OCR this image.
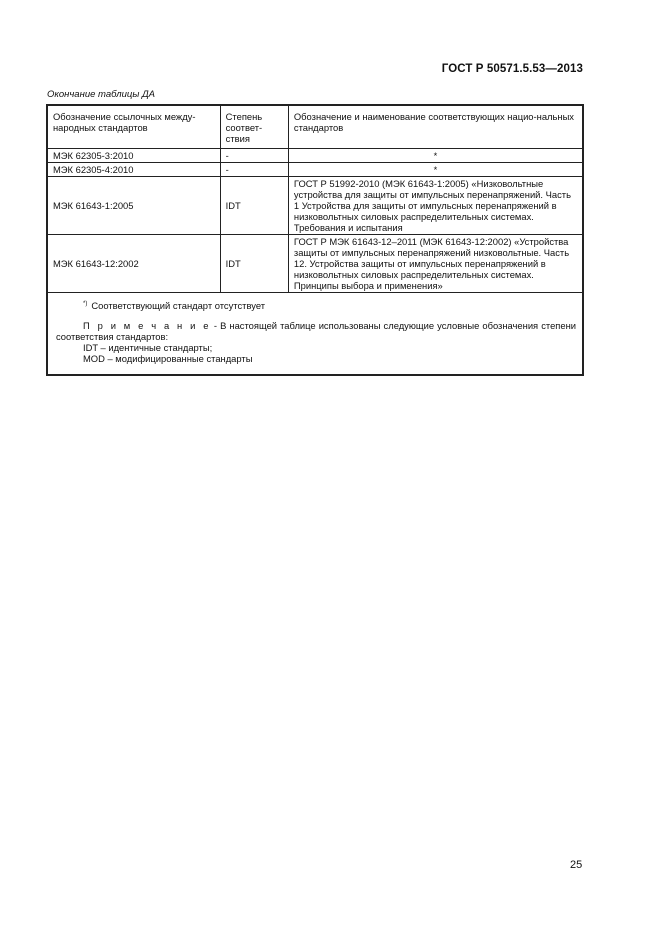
ГОСТ Р 50571.5.53—2013
Окончание таблицы ДА
Обозначение ссылочных между-народных стандартов	Степень соответ-ствия	Обозначение и наименование соответствующих нацио-нальных стандартов
МЭК 62305-3:2010	-	*
МЭК 62305-4:2010	-	*
МЭК 61643-1:2005	IDT	ГОСТ Р 51992-2010 (МЭК 61643-1:2005) «Низковольтные устройства для защиты от импульсных перенапряжений. Часть 1 Устройства для защиты от импульсных перенапряжений в низковольтных силовых распределительных системах. Требования и испытания
МЭК 61643-12:2002	IDT	ГОСТ Р МЭК 61643-12–2011 (МЭК 61643-12:2002) «Устройства защиты от импульсных перенапряжений низковольтные. Часть 12. Устройства защиты от импульсных перенапряжений в низковольтных силовых распределительных системах. Принципы выбора и применения»

*) Соответствующий стандарт отсутствует

П р и м е ч а н и е - В настоящей таблице использованы следующие условные обозначения степени соответствия стандартов:

IDT – идентичные стандарты;
MOD – модифицированные стандарты		
25
